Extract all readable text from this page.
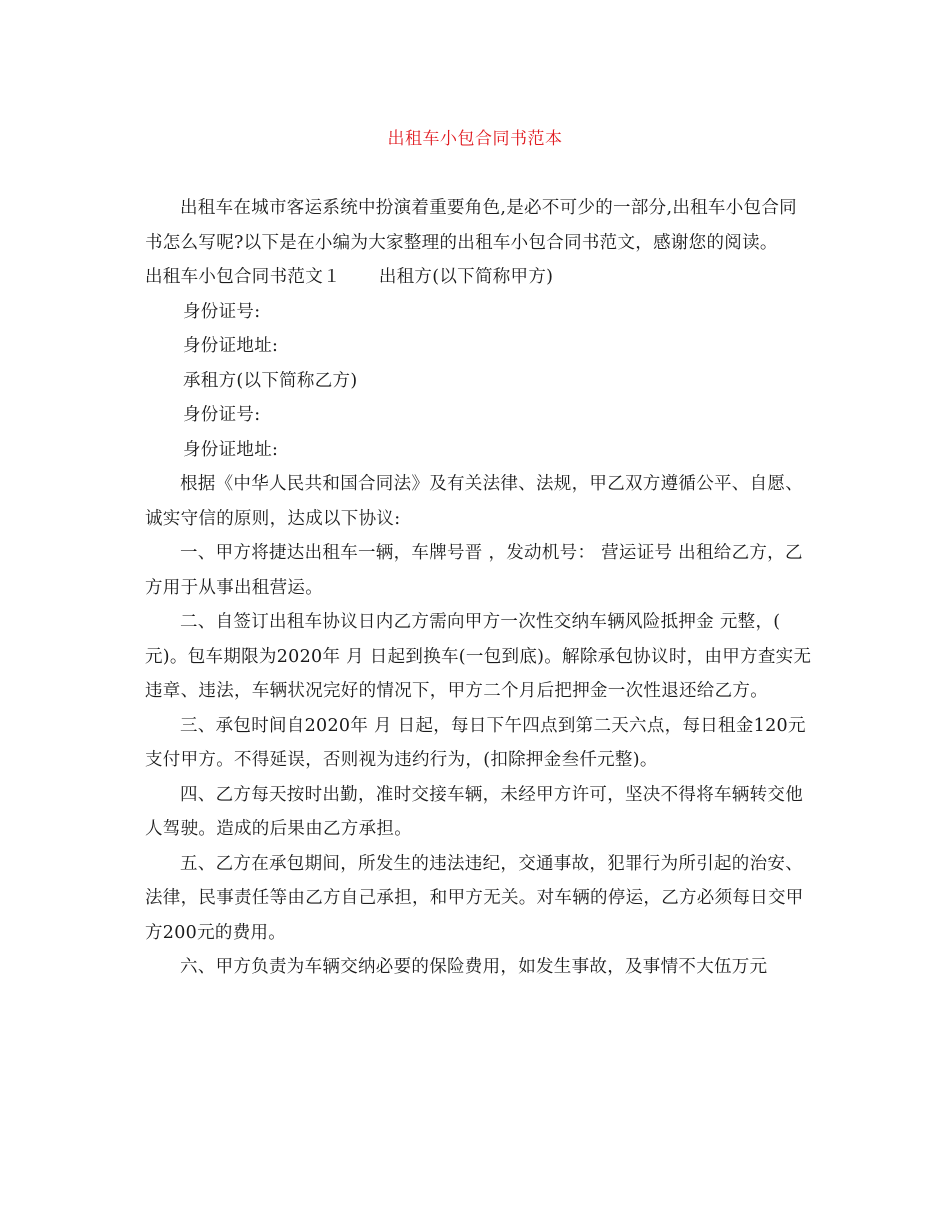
出租车小包合同书范本

出租车在城市客运系统中扮演着重要角色,是必不可少的一部分,出租车小包合同书怎么写呢?以下是在小编为大家整理的出租车小包合同书范文，感谢您的阅读。

出租车小包合同书范文１ 出租方(以下简称甲方)

身份证号:

身份证地址:

承租方(以下简称乙方)

身份证号:

身份证地址:

根据《中华人民共和国合同法》及有关法律、法规，甲乙双方遵循公平、自愿、诚实守信的原则，达成以下协议:

一、甲方将捷达出租车一辆，车牌号晋 ，发动机号： 营运证号 出租给乙方，乙方用于从事出租营运。

二、自签订出租车协议日内乙方需向甲方一次性交纳车辆风险抵押金 元整，( 元)。包车期限为2020年 月 日起到换车(一包到底)。解除承包协议时，由甲方查实无违章、违法，车辆状况完好的情况下，甲方二个月后把押金一次性退还给乙方。

三、承包时间自2020年 月 日起，每日下午四点到第二天六点，每日租金120元支付甲方。不得延误，否则视为违约行为，(扣除押金叁仟元整)。

四、乙方每天按时出勤，准时交接车辆，未经甲方许可，坚决不得将车辆转交他人驾驶。造成的后果由乙方承担。

五、乙方在承包期间，所发生的违法违纪，交通事故，犯罪行为所引起的治安、法律，民事责任等由乙方自己承担，和甲方无关。对车辆的停运，乙方必须每日交甲方200元的费用。

六、甲方负责为车辆交纳必要的保险费用，如发生事故，及事情不大伍万元
